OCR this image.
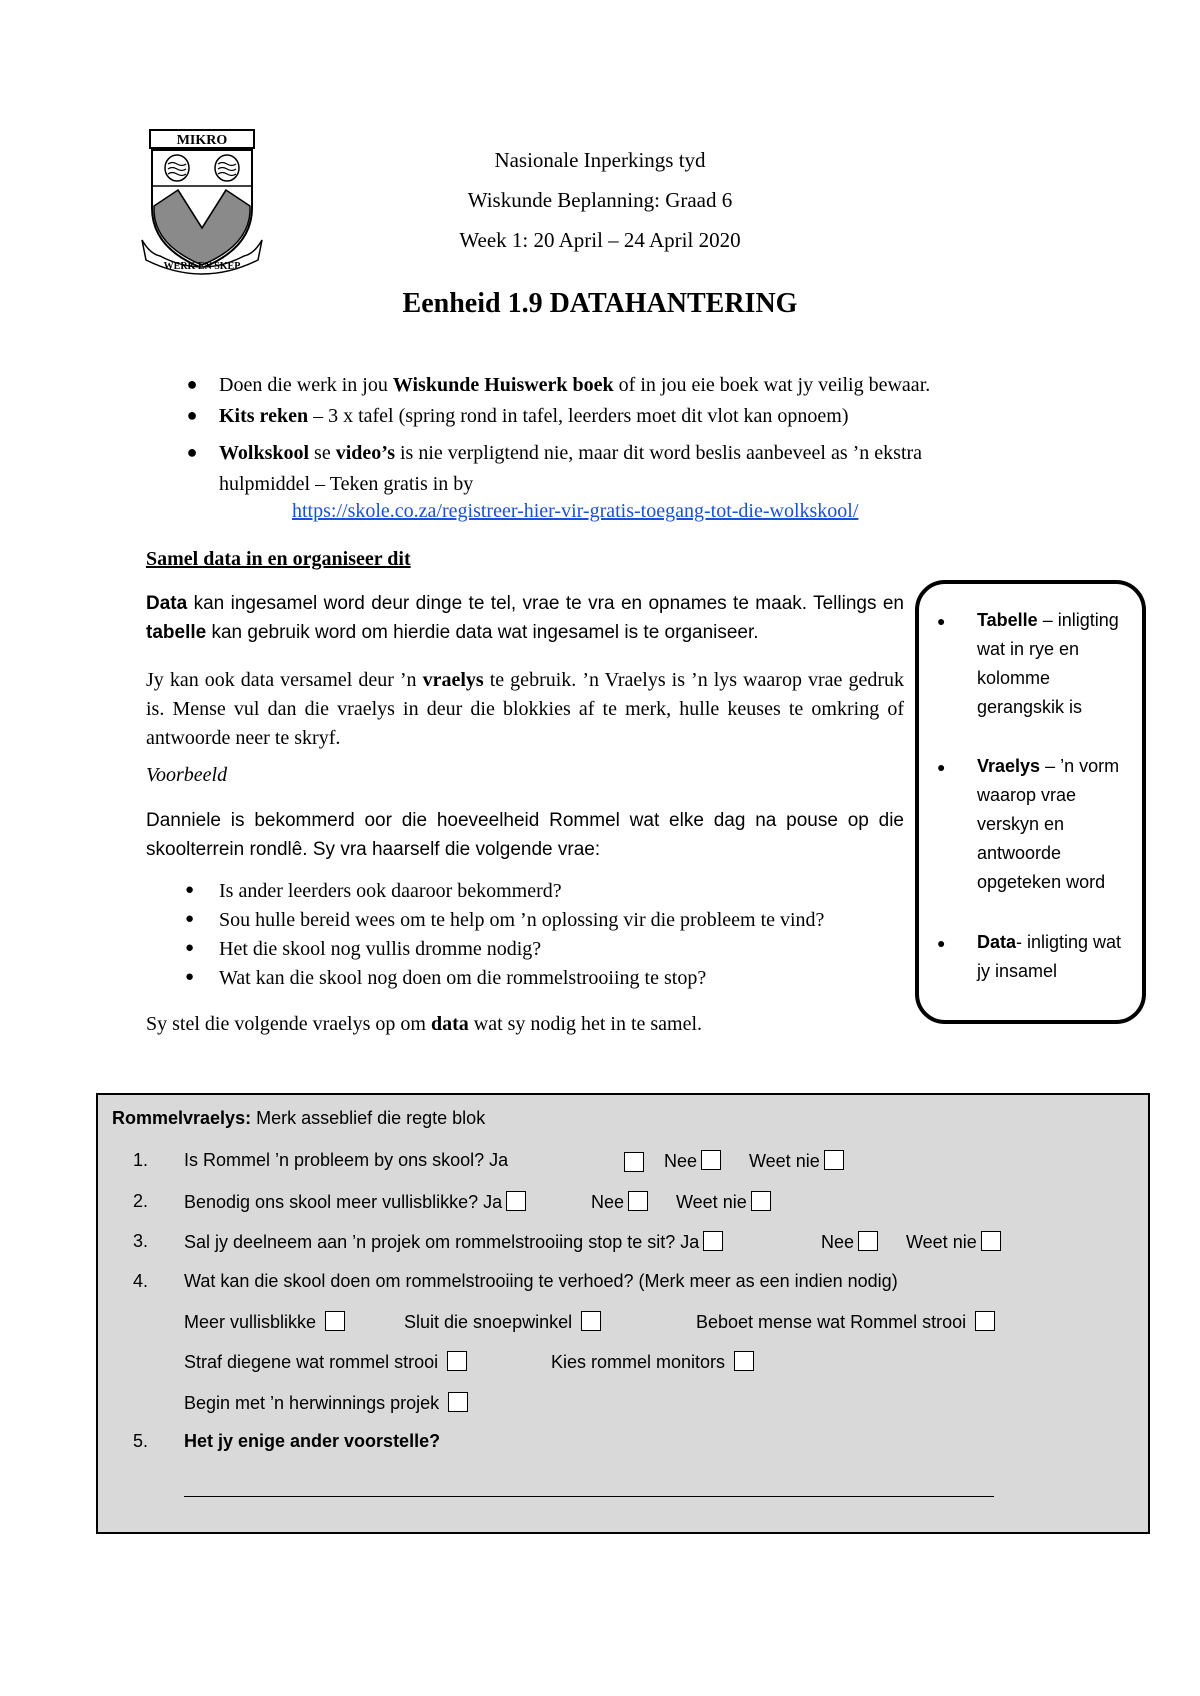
MIKRO
WERK EN SKEP
Nasionale Inperkings tyd
Wiskunde Beplanning: Graad 6
Week 1: 20 April – 24 April 2020
Eenheid 1.9 DATAHANTERING
● Doen die werk in jou Wiskunde Huiswerk boek of in jou eie boek wat jy veilig bewaar.
● Kits reken – 3 x tafel (spring rond in tafel, leerders moet dit vlot kan opnoem)
● Wolkskool se video’s is nie verpligtend nie, maar dit word beslis aanbeveel as ’n ekstra
hulpmiddel – Teken gratis in by
https://skole.co.za/registreer-hier-vir-gratis-toegang-tot-die-wolkskool/
Samel data in en organiseer dit
Data kan ingesamel word deur dinge te tel, vrae te vra en opnames te maak. Tellings en tabelle kan gebruik word om hierdie data wat ingesamel is te organiseer.
Jy kan ook data versamel deur ’n vraelys te gebruik. ’n Vraelys is ’n lys waarop vrae gedruk is. Mense vul dan die vraelys in deur die blokkies af te merk, hulle keuses te omkring of antwoorde neer te skryf.
Voorbeeld
Danniele is bekommerd oor die hoeveelheid Rommel wat elke dag na pouse op die skoolterrein rondlê. Sy vra haarself die volgende vrae:
● Is ander leerders ook daaroor bekommerd?
● Sou hulle bereid wees om te help om ’n oplossing vir die probleem te vind?
● Het die skool nog vullis dromme nodig?
● Wat kan die skool nog doen om die rommelstrooiing te stop?
Sy stel die volgende vraelys op om data wat sy nodig het in te samel.
● Tabelle – inligting wat in rye en kolomme gerangskik is
● Vraelys – ’n vorm waarop vrae verskyn en antwoorde opgeteken word
● Data- inligting wat jy insamel
Rommelvraelys: Merk asseblief die regte blok
1. Is Rommel ’n probleem by ons skool? Ja	Nee	Weet nie
2. Benodig ons skool meer vullisblikke? Ja	Nee	Weet nie
3. Sal jy deelneem aan ’n projek om rommelstrooiing stop te sit? Ja	Nee	Weet nie
4. Wat kan die skool doen om rommelstrooiing te verhoed? (Merk meer as een indien nodig)
Meer vullisblikke	Sluit die snoepwinkel	Beboet mense wat Rommel strooi
Straf diegene wat rommel strooi	Kies rommel monitors
Begin met ’n herwinnings projek
5. Het jy enige ander voorstelle?
